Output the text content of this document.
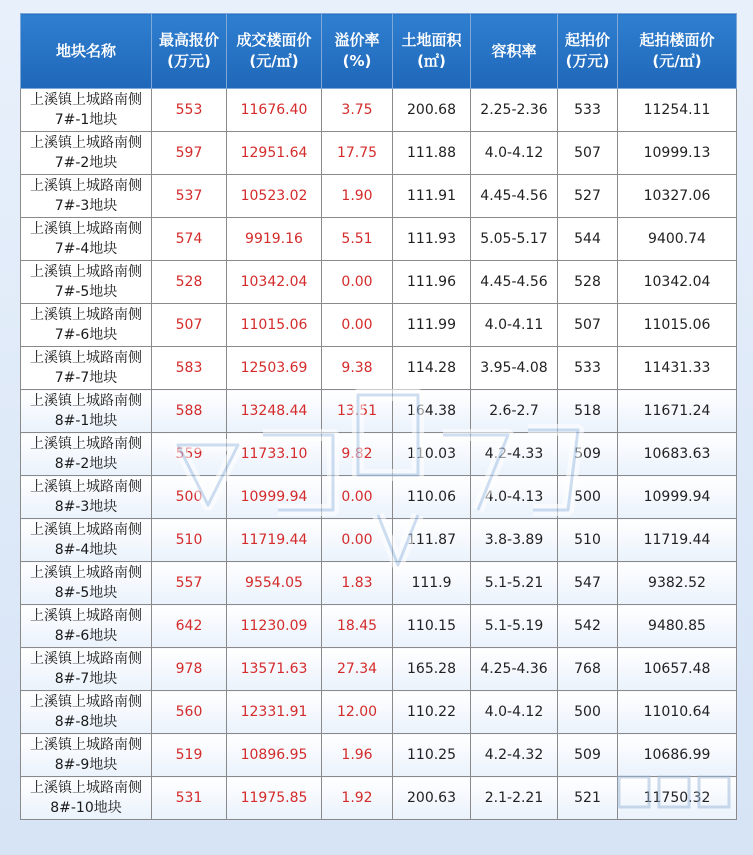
地块名称	最高报价
(万元)	成交楼面价
(元/㎡)	溢价率
(%)	土地面积
(㎡)	容积率	起拍价
(万元)	起拍楼面价
(元/㎡)

上溪镇上城路南侧
7#-1地块	553	11676.40	3.75	200.68	2.25-2.36	533	11254.11

上溪镇上城路南侧
7#-2地块	597	12951.64	17.75	111.88	4.0-4.12	507	10999.13

上溪镇上城路南侧
7#-3地块	537	10523.02	1.90	111.91	4.45-4.56	527	10327.06

上溪镇上城路南侧
7#-4地块	574	9919.16	5.51	111.93	5.05-5.17	544	9400.74

上溪镇上城路南侧
7#-5地块	528	10342.04	0.00	111.96	4.45-4.56	528	10342.04

上溪镇上城路南侧
7#-6地块	507	11015.06	0.00	111.99	4.0-4.11	507	11015.06

上溪镇上城路南侧
7#-7地块	583	12503.69	9.38	114.28	3.95-4.08	533	11431.33

上溪镇上城路南侧
8#-1地块	588	13248.44	13.51	164.38	2.6-2.7	518	11671.24

上溪镇上城路南侧
8#-2地块	559	11733.10	9.82	110.03	4.2-4.33	509	10683.63

上溪镇上城路南侧
8#-3地块	500	10999.94	0.00	110.06	4.0-4.13	500	10999.94

上溪镇上城路南侧
8#-4地块	510	11719.44	0.00	111.87	3.8-3.89	510	11719.44

上溪镇上城路南侧
8#-5地块	557	9554.05	1.83	111.9	5.1-5.21	547	9382.52

上溪镇上城路南侧
8#-6地块	642	11230.09	18.45	110.15	5.1-5.19	542	9480.85

上溪镇上城路南侧
8#-7地块	978	13571.63	27.34	165.28	4.25-4.36	768	10657.48

上溪镇上城路南侧
8#-8地块	560	12331.91	12.00	110.22	4.0-4.12	500	11010.64

上溪镇上城路南侧
8#-9地块	519	10896.95	1.96	110.25	4.2-4.32	509	10686.99

上溪镇上城路南侧
8#-10地块	531	11975.85	1.92	200.63	2.1-2.21	521	11750.32
